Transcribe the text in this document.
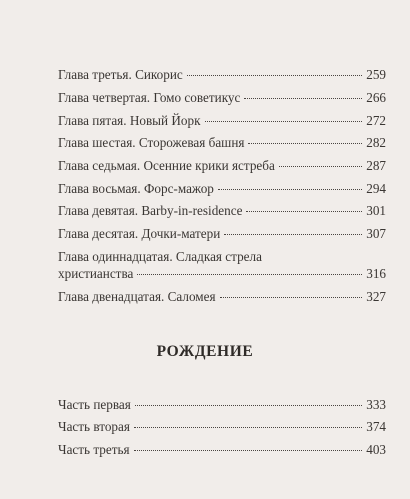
Глава третья. Сикорис	259
Глава четвертая. Гомо советикус	266
Глава пятая. Новый Йорк	272
Глава шестая. Сторожевая башня	282
Глава седьмая. Осенние крики ястреба	287
Глава восьмая. Форс-мажор	294
Глава девятая. Barby-in-residence	301
Глава десятая. Дочки-матери	307
Глава одиннадцатая. Сладкая стрела
христианства	316
Глава двенадцатая. Саломея	327
РОЖДЕНИЕ
Часть первая	333
Часть вторая	374
Часть третья	403
